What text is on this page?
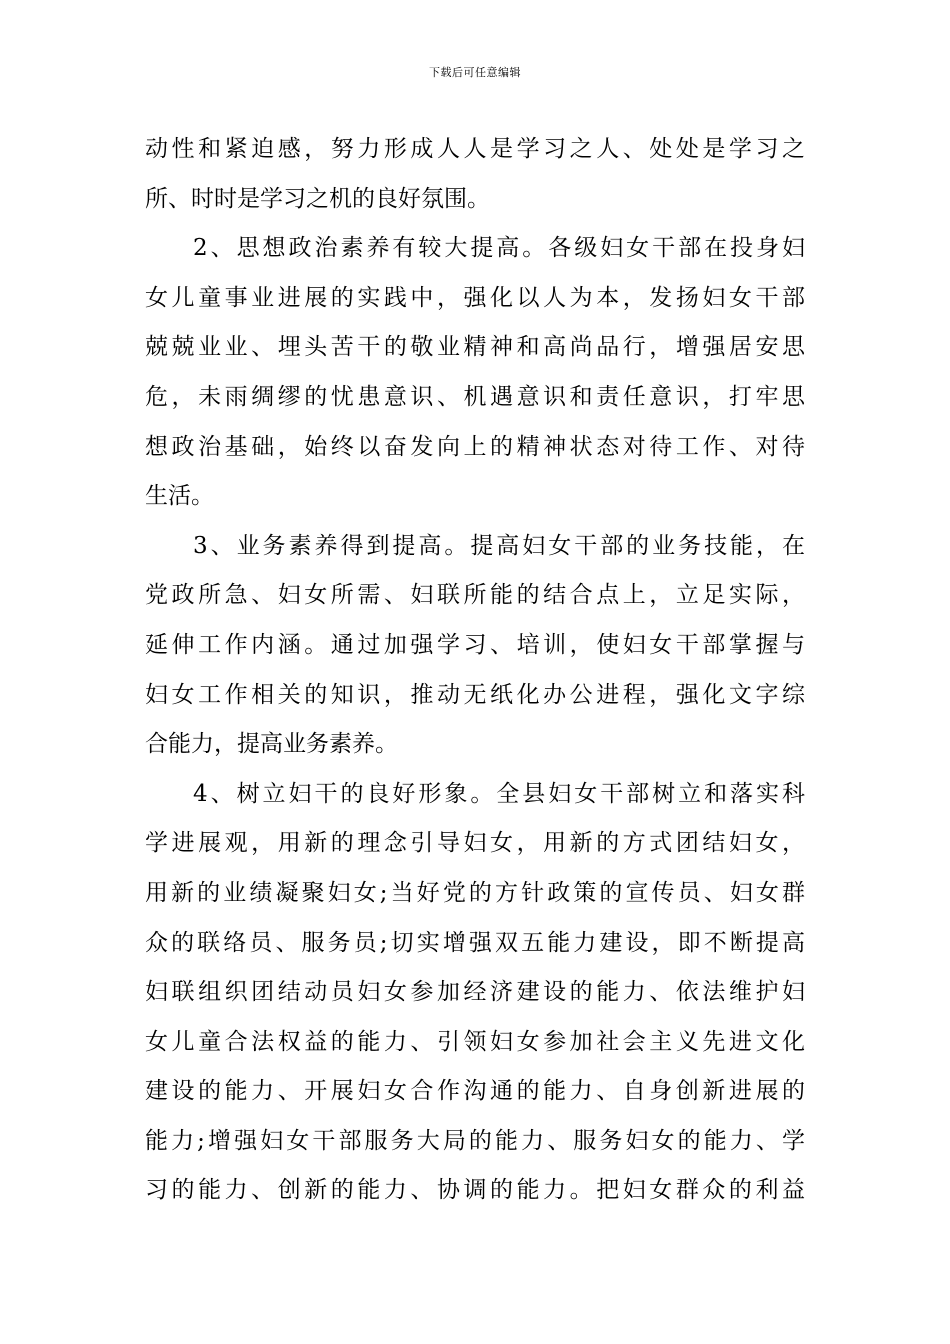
下载后可任意编辑
动性和紧迫感，努力形成人人是学习之人、处处是学习之
所、时时是学习之机的良好氛围。
2、思想政治素养有较大提高。各级妇女干部在投身妇
女儿童事业进展的实践中，强化以人为本，发扬妇女干部
兢兢业业、埋头苦干的敬业精神和高尚品行，增强居安思
危，未雨绸缪的忧患意识、机遇意识和责任意识，打牢思
想政治基础，始终以奋发向上的精神状态对待工作、对待
生活。
3、业务素养得到提高。提高妇女干部的业务技能，在
党政所急、妇女所需、妇联所能的结合点上，立足实际，
延伸工作内涵。通过加强学习、培训，使妇女干部掌握与
妇女工作相关的知识，推动无纸化办公进程，强化文字综
合能力，提高业务素养。
4、树立妇干的良好形象。全县妇女干部树立和落实科
学进展观，用新的理念引导妇女，用新的方式团结妇女，
用新的业绩凝聚妇女;当好党的方针政策的宣传员、妇女群
众的联络员、服务员;切实增强双五能力建设，即不断提高
妇联组织团结动员妇女参加经济建设的能力、依法维护妇
女儿童合法权益的能力、引领妇女参加社会主义先进文化
建设的能力、开展妇女合作沟通的能力、自身创新进展的
能力;增强妇女干部服务大局的能力、服务妇女的能力、学
习的能力、创新的能力、协调的能力。把妇女群众的利益
